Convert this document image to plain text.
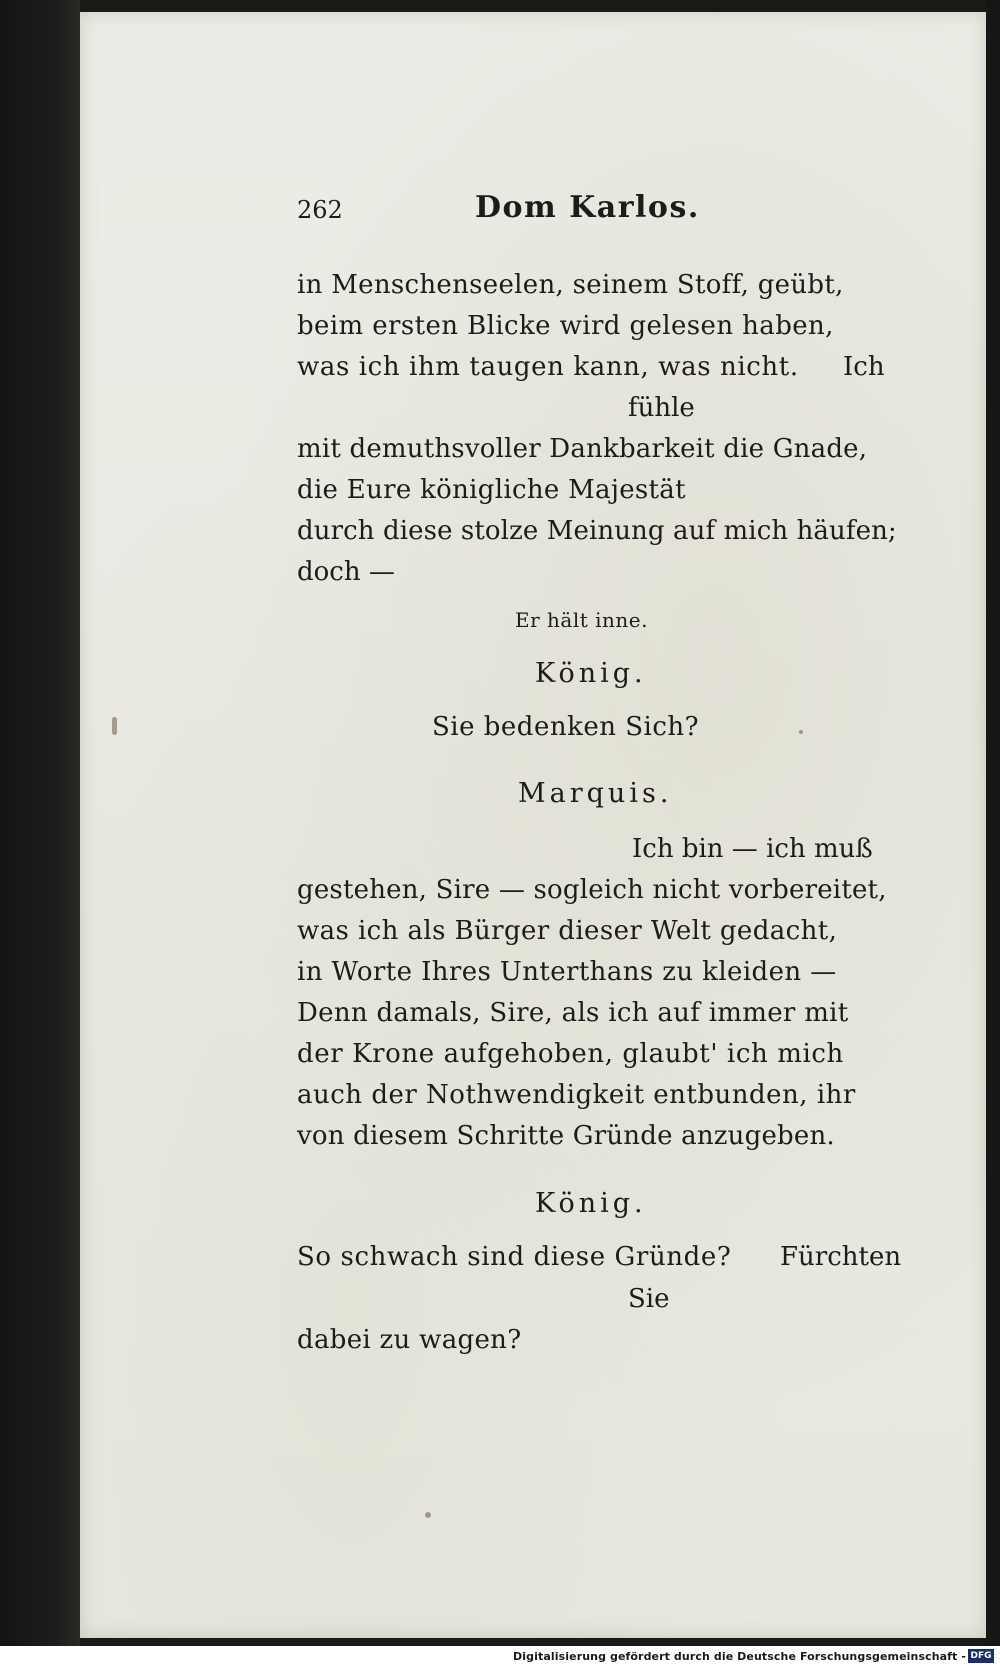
262	Dom Karlos.
in Menschenseelen, seinem Stoff, geübt,
beim ersten Blicke wird gelesen haben,
was ich ihm taugen kann, was nicht. Ich
fühle
mit demuthsvoller Dankbarkeit die Gnade,
die Eure königliche Majestät
durch diese stolze Meinung auf mich häufen;
doch —
Er hält inne.
König.
Sie bedenken Sich?
Marquis.
Ich bin — ich muß
gestehen, Sire — sogleich nicht vorbereitet,
was ich als Bürger dieser Welt gedacht,
in Worte Ihres Unterthans zu kleiden —
Denn damals, Sire, als ich auf immer mit
der Krone aufgehoben, glaubt' ich mich
auch der Nothwendigkeit entbunden, ihr
von diesem Schritte Gründe anzugeben.
König.
So schwach sind diese Gründe? Fürchten
Sie
dabei zu wagen?
Digitalisierung gefördert durch die Deutsche Forschungsgemeinschaft - DFG
